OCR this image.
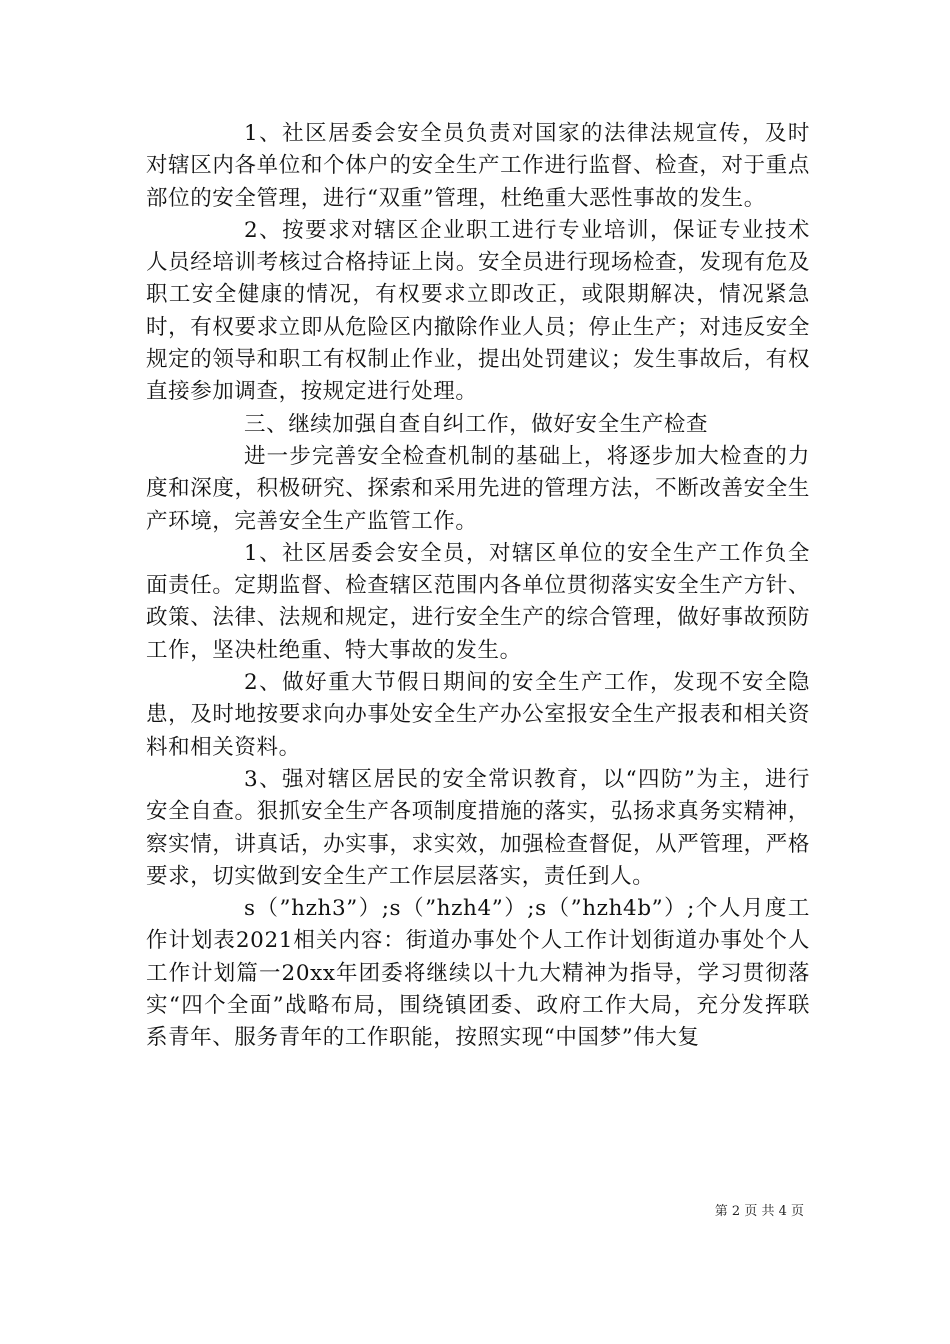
1、社区居委会安全员负责对国家的法律法规宣传，及时对辖区内各单位和个体户的安全生产工作进行监督、检查，对于重点部位的安全管理，进行“双重”管理，杜绝重大恶性事故的发生。

2、按要求对辖区企业职工进行专业培训，保证专业技术人员经培训考核过合格持证上岗。安全员进行现场检查，发现有危及职工安全健康的情况，有权要求立即改正，或限期解决，情况紧急时，有权要求立即从危险区内撤除作业人员；停止生产；对违反安全规定的领导和职工有权制止作业，提出处罚建议；发生事故后，有权直接参加调查，按规定进行处理。

三、继续加强自查自纠工作，做好安全生产检查

进一步完善安全检查机制的基础上，将逐步加大检查的力度和深度，积极研究、探索和采用先进的管理方法，不断改善安全生产环境，完善安全生产监管工作。

1、社区居委会安全员，对辖区单位的安全生产工作负全面责任。定期监督、检查辖区范围内各单位贯彻落实安全生产方针、政策、法律、法规和规定，进行安全生产的综合管理，做好事故预防工作，坚决杜绝重、特大事故的发生。

2、做好重大节假日期间的安全生产工作，发现不安全隐患，及时地按要求向办事处安全生产办公室报安全生产报表和相关资料和相关资料。

3、强对辖区居民的安全常识教育，以“四防”为主，进行安全自查。狠抓安全生产各项制度措施的落实，弘扬求真务实精神，察实情，讲真话，办实事，求实效，加强检查督促，从严管理，严格要求，切实做到安全生产工作层层落实，责任到人。

s（”hzh3”）;s（”hzh4”）;s（”hzh4b”）;个人月度工作计划表2021相关内容：街道办事处个人工作计划街道办事处个人工作计划篇一20xx年团委将继续以十九大精神为指导，学习贯彻落实“四个全面”战略布局，围绕镇团委、政府工作大局，充分发挥联系青年、服务青年的工作职能，按照实现“中国梦”伟大复

第 2 页 共 4 页
